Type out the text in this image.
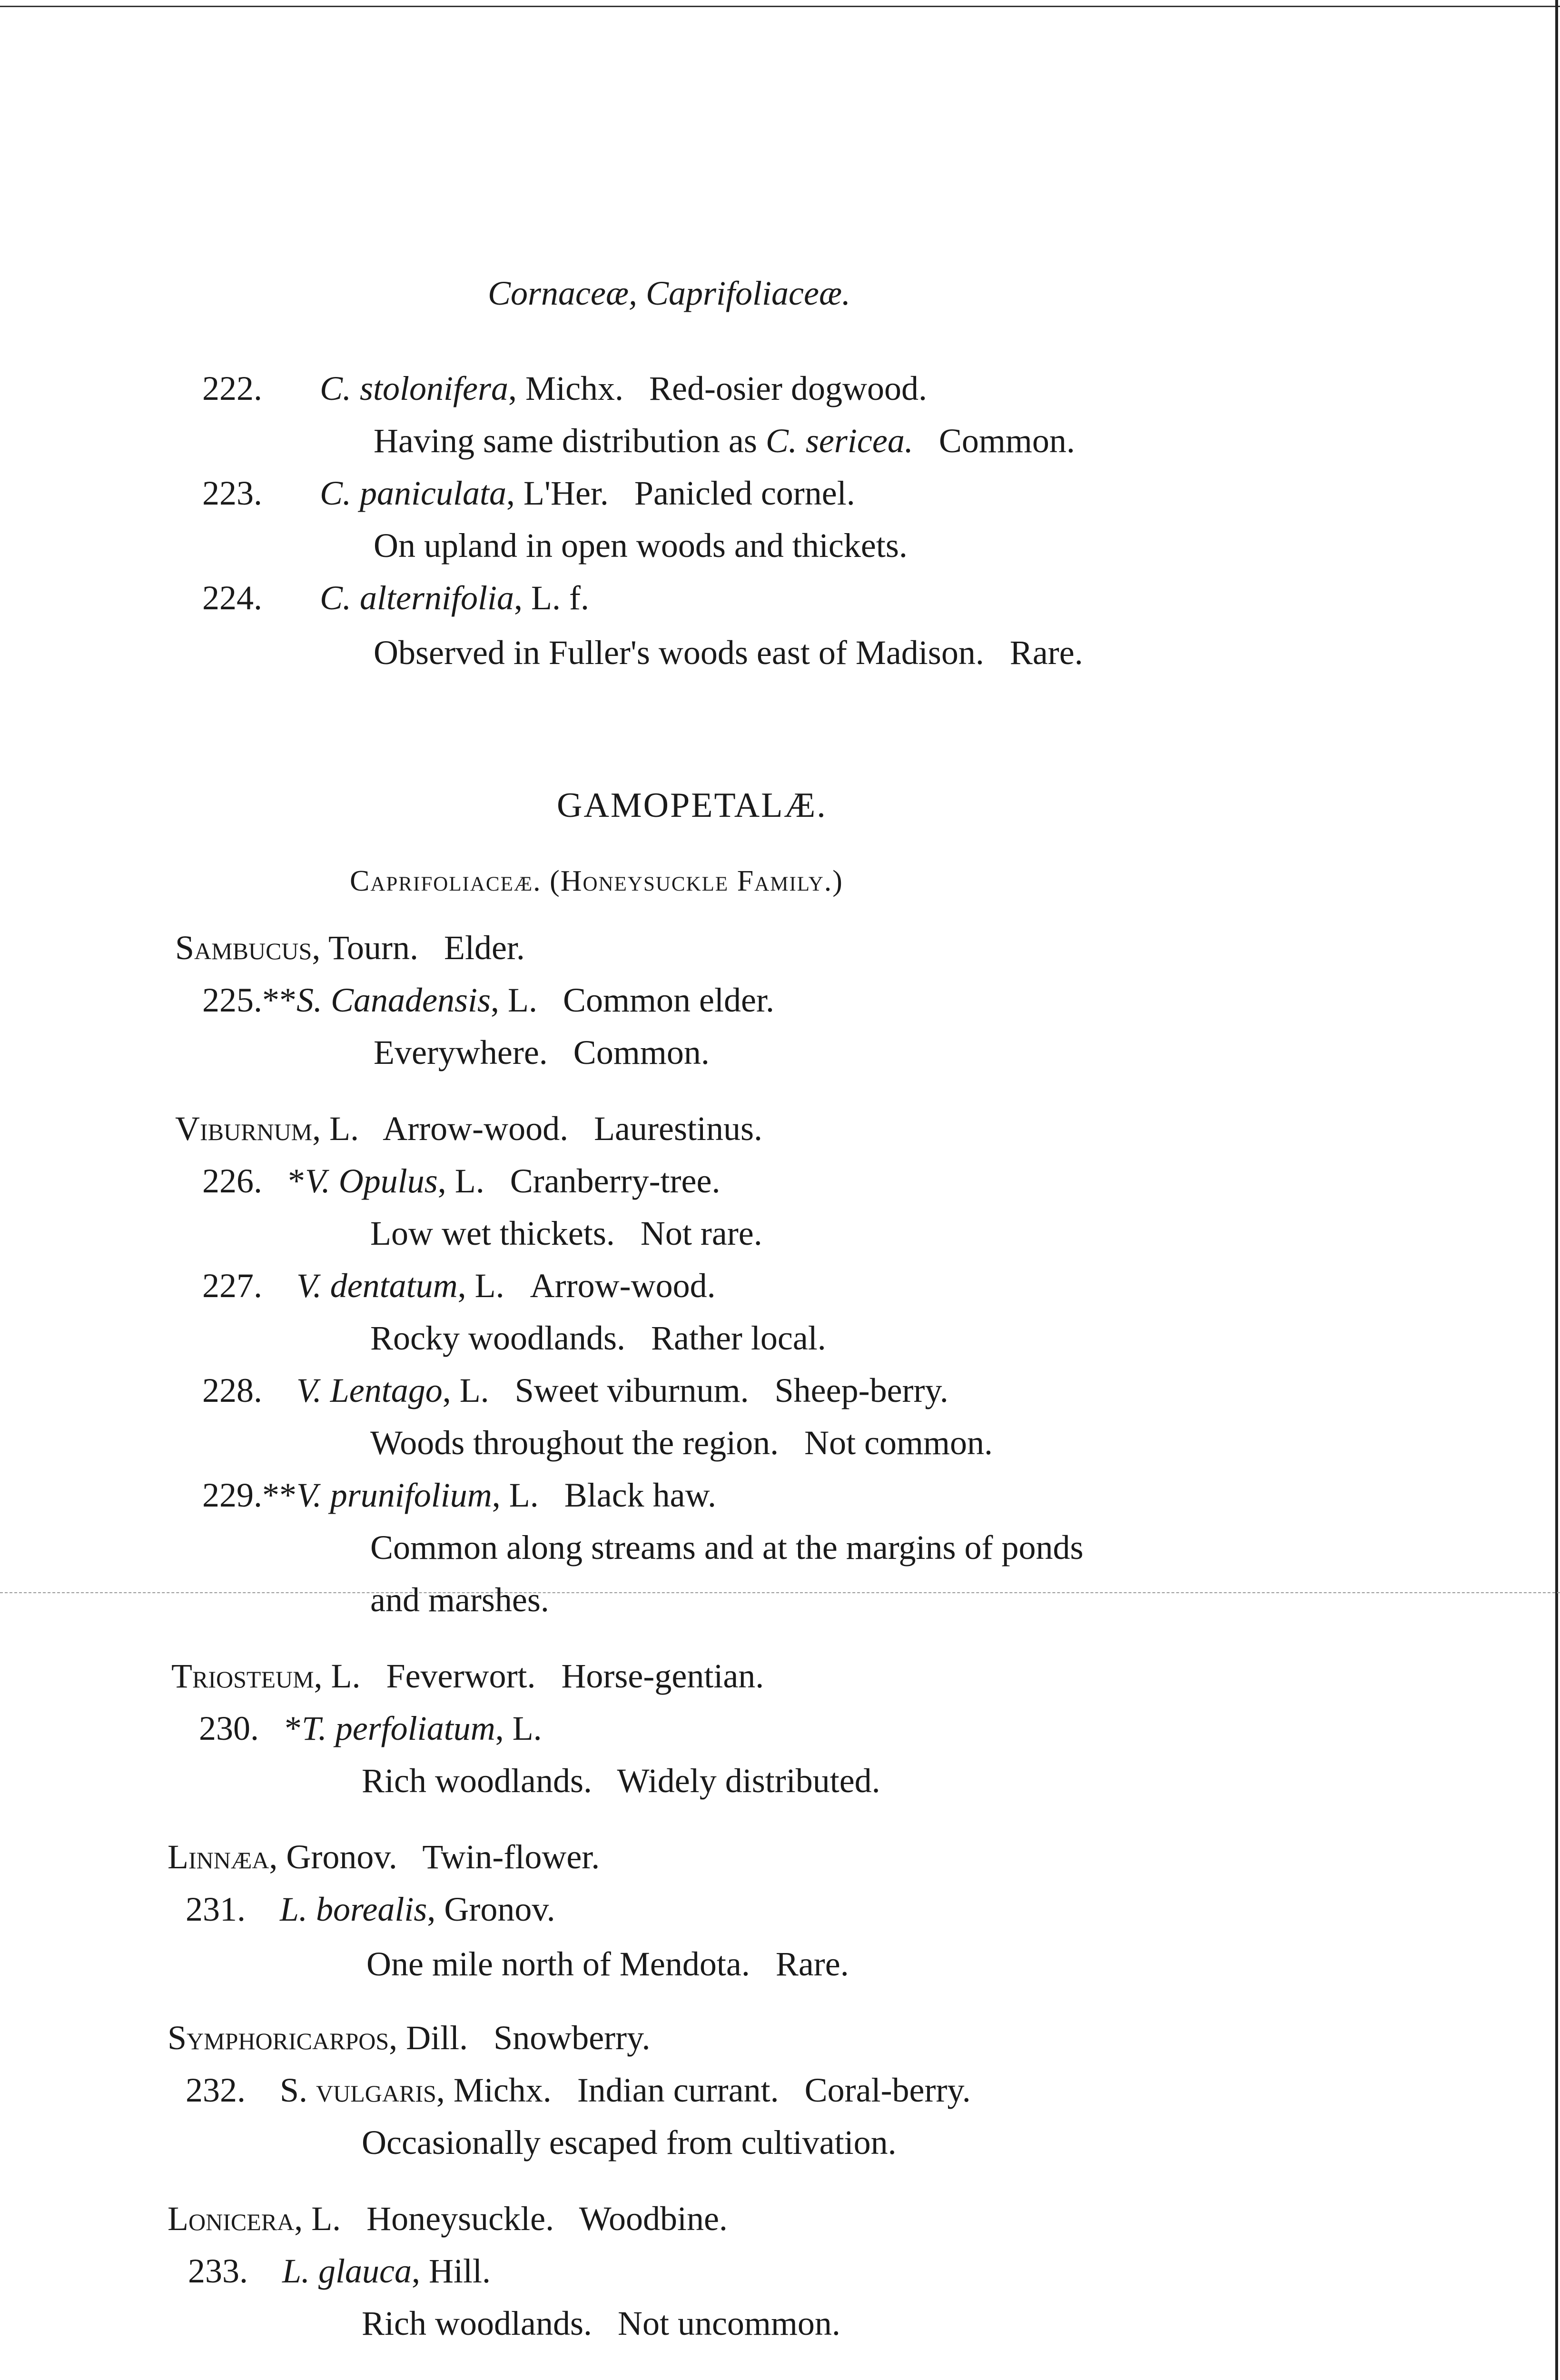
Cornaceæ, Caprifoliaceæ.
222. C. stolonifera, Michx. Red-osier dogwood.
Having same distribution as C. sericea. Common.
223. C. paniculata, L'Her. Panicled cornel.
On upland in open woods and thickets.
224. C. alternifolia, L. f.
Observed in Fuller's woods east of Madison. Rare.
GAMOPETALÆ.
Caprifoliaceæ. (Honeysuckle Family.)
Sambucus, Tourn.   Elder.
225.**S. Canadensis, L. Common elder.
Everywhere.   Common.
Viburnum, L.   Arrow-wood.   Laurestinus.
226. *V. Opulus, L. Cranberry-tree.
Low wet thickets.   Not rare.
227. V. dentatum, L. Arrow-wood.
Rocky woodlands.   Rather local.
228. V. Lentago, L. Sweet viburnum.   Sheep-berry.
Woods throughout the region.   Not common.
229.**V. prunifolium, L. Black haw.
Common along streams and at the margins of ponds
and marshes.
Triosteum, L.   Feverwort.   Horse-gentian.
230. *T. perfoliatum, L.
Rich woodlands.   Widely distributed.
Linnæa, Gronov.   Twin-flower.
231. L. borealis, Gronov.
One mile north of Mendota.   Rare.
Symphoricarpos, Dill.   Snowberry.
232. S. vulgaris, Michx. Indian currant.   Coral-berry.
Occasionally escaped from cultivation.
Lonicera, L.   Honeysuckle.   Woodbine.
233. L. glauca, Hill.
Rich woodlands.   Not uncommon.
